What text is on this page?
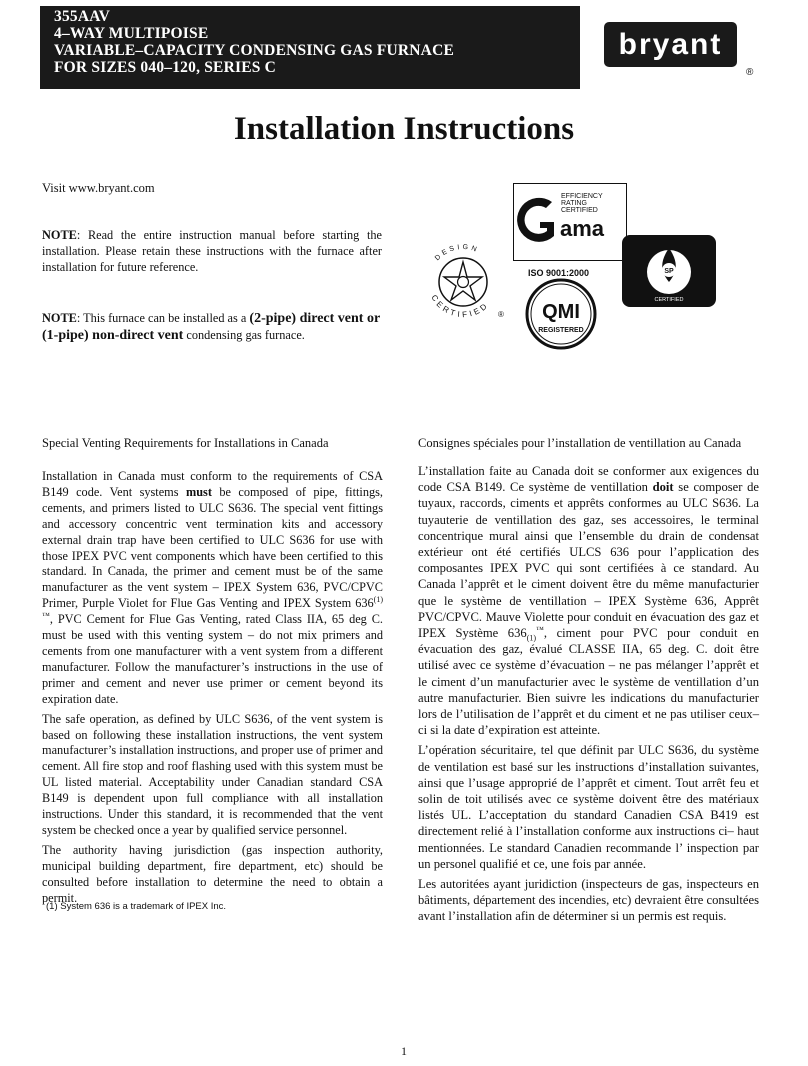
355AAV
4–WAY MULTIPOISE
VARIABLE–CAPACITY CONDENSING GAS FURNACE
FOR SIZES 040–120, SERIES C
bryant
®
Installation Instructions
Visit www.bryant.com
NOTE: Read the entire instruction manual before starting the installation. Please retain these instructions with the furnace after installation for future reference.
NOTE: This furnace can be installed as a (2-pipe) direct vent or (1-pipe) non-direct vent condensing gas furnace.
EFFICIENCY
RATING
CERTIFIED
ama
DESIGN
CERTIFIED
®
ISO 9001:2000
QMI
REGISTERED
SP
CERTIFIED
Special Venting Requirements for Installations in Canada	Consignes spéciales pour l’installation de ventillation au Canada

Installation in Canada must conform to the requirements of CSA B149 code. Vent systems must be composed of pipe, fittings, cements, and primers listed to ULC S636. The special vent fittings and accessory concentric vent termination kits and accessory external drain trap have been certified to ULC S636 for use with those IPEX PVC vent components which have been certified to this standard. In Canada, the primer and cement must be of the same manufacturer as the vent system – IPEX System 636, PVC/CPVC Primer, Purple Violet for Flue Gas Venting and IPEX System $636^{(1) ™}$, PVC Cement for Flue Gas Venting, rated Class IIA, 65 deg C. must be used with this venting system – do not mix primers and cements from one manufacturer with a vent system from a different manufacturer. Follow the manufacturer’s instructions in the use of primer and cement and never use primer or cement beyond its expiration date.

The safe operation, as defined by ULC S636, of the vent system is based on following these installation instructions, the vent system manufacturer’s installation instructions, and proper use of primer and cement. All fire stop and roof flashing used with this system must be UL listed material. Acceptability under Canadian standard CSA B149 is dependent upon full compliance with all installation instructions. Under this standard, it is recommended that the vent system be checked once a year by qualified service personnel.

The authority having jurisdiction (gas inspection authority, municipal building department, fire department, etc) should be consulted before installation to determine the need to obtain a permit.

L’installation faite au Canada doit se conformer aux exigences du code CSA B149. Ce système de ventillation doit se composer de tuyaux, raccords, ciments et apprêts conformes au ULC S636. La tuyauterie de ventillation des gaz, ses accessoires, le terminal concentrique mural ainsi que l’ensemble du drain de condensat extérieur ont été certifiés ULCS 636 pour l’application des composantes IPEX PVC qui sont certifiées à ce standard. Au Canada l’apprêt et le ciment doivent être du même manufacturier que le système de ventillation – IPEX Système 636, Apprêt PVC/CPVC. Mauve Violette pour conduit en évacuation des gaz et IPEX Système $636_{(1)}™$, ciment pour PVC pour conduit en évacuation des gaz, évalué CLASSE IIA, 65 deg. C. doit être utilisé avec ce système d’évacuation – ne pas mélanger l’apprêt et le ciment d’un manufacturier avec le système de ventillation d’un autre manufacturier. Bien suivre les indications du manufacturier lors de l’utilisation de l’apprêt et du ciment et ne pas utiliser ceux–ci si la date d’expiration est atteinte.

L’opération sécuritaire, tel que définit par ULC S636, du système de ventilation est basé sur les instructions d’installation suivantes, ainsi que l’usage approprié de l’apprêt et ciment. Tout arrêt feu et solin de toit utilisés avec ce système doivent être des matériaux listés UL. L’acceptation du standard Canadien CSA B419 est directement relié à l’installation conforme aux instructions ci– haut mentionnées. Le standard Canadien recommande l’ inspection par un personel qualifié et ce, une fois par année.

Les autoritées ayant juridiction (inspecteurs de gas, inspecteurs en bâtiments, département des incendies, etc) devraient être consultées avant l’installation afin de déterminer si un permis est requis.

(1) System 636 is a trademark of IPEX Inc.
1
